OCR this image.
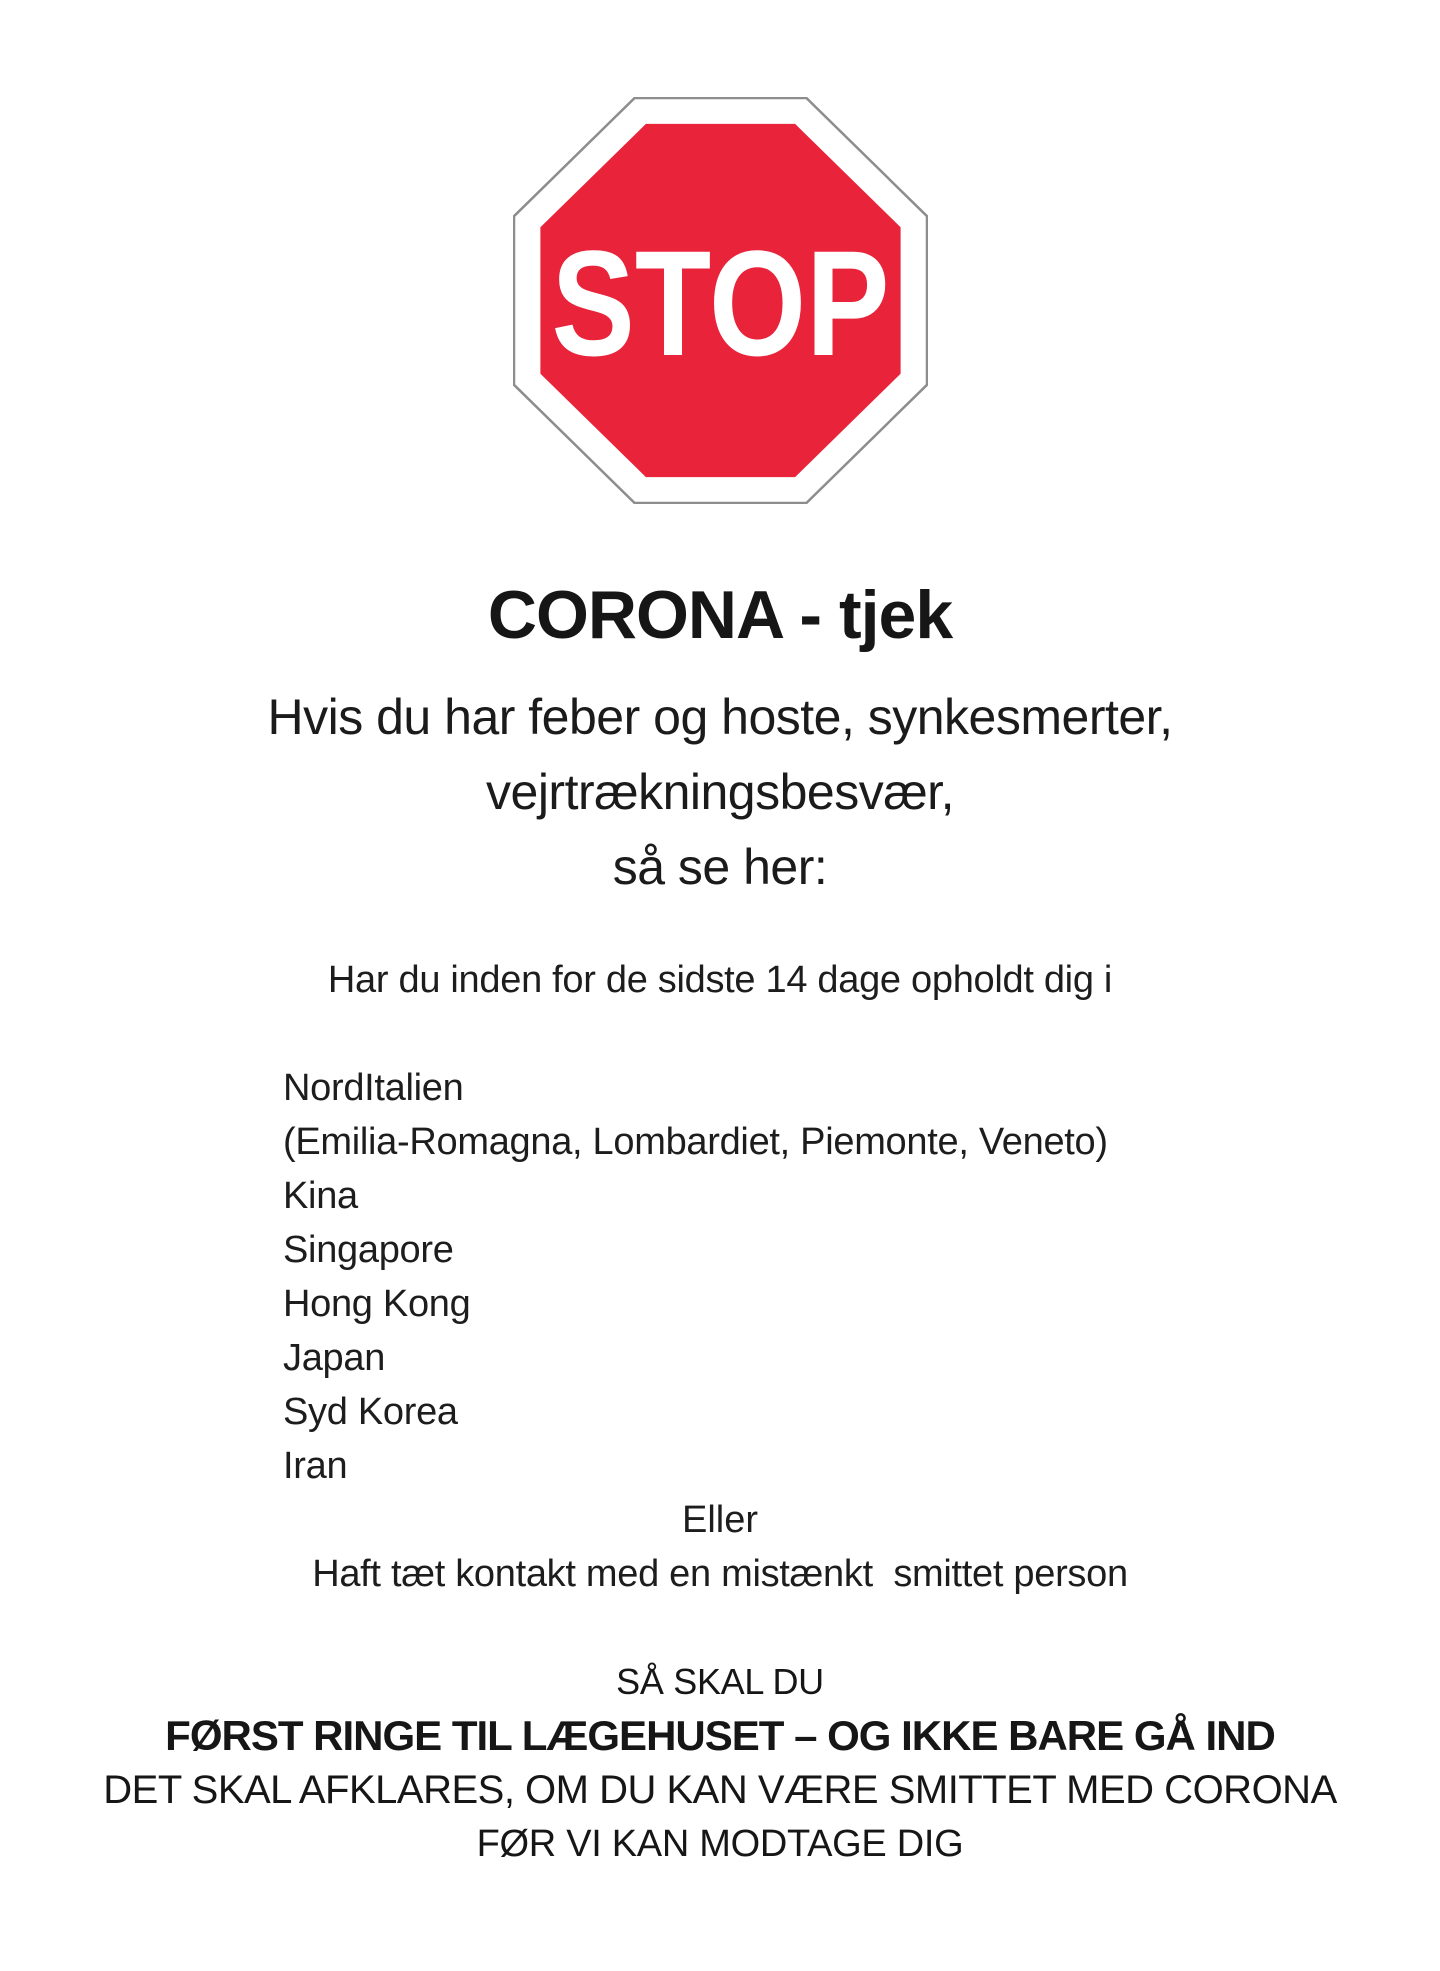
STOP
CORONA - tjek
Hvis du har feber og hoste, synkesmerter,
vejrtrækningsbesvær,
så se her:
Har du inden for de sidste 14 dage opholdt dig i
NordItalien
(Emilia-Romagna, Lombardiet, Piemonte, Veneto)
Kina
Singapore
Hong Kong
Japan
Syd Korea
Iran
Eller
Haft tæt kontakt med en mistænkt  smittet person
SÅ SKAL DU
FØRST RINGE TIL LÆGEHUSET – OG IKKE BARE GÅ IND
DET SKAL AFKLARES, OM DU KAN VÆRE SMITTET MED CORONA
FØR VI KAN MODTAGE DIG
